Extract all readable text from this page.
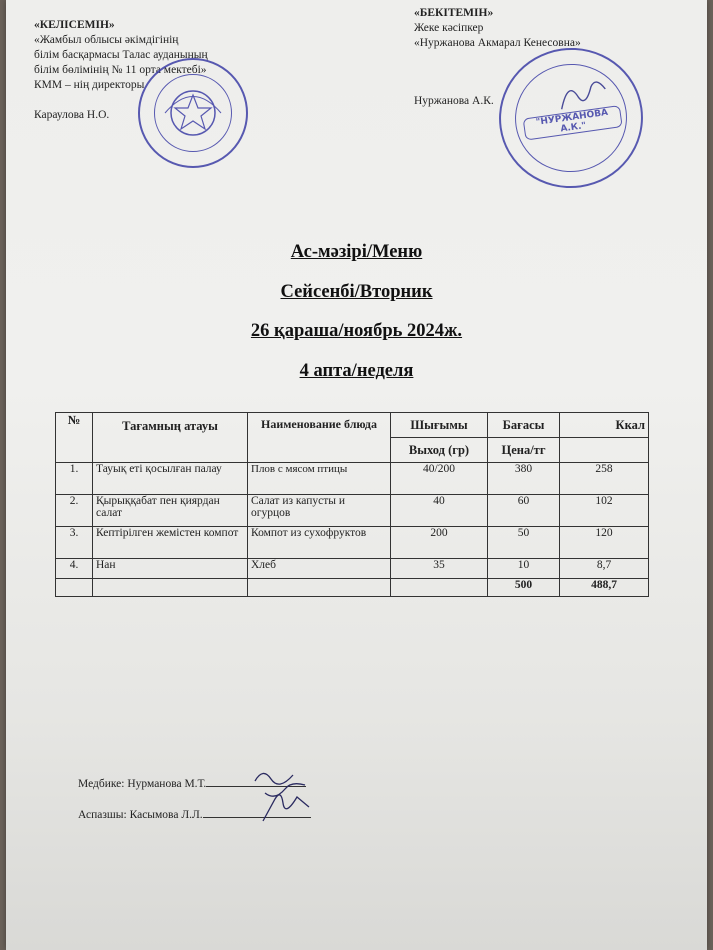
«КЕЛІСЕМІН»
«Жамбыл облысы әкімдігінің
білім басқармасы Талас ауданының
білім бөлімінің № 11 орта мектебі»
КММ – нің директоры
Караулова Н.О.
«БЕКІТЕМІН»
Жеке кәсіпкер
«Нуржанова Акмарал Кенесовна»
Нуржанова А.К.
"НУРЖАНОВА А.К."
Ас-мәзірі/Меню
Сейсенбі/Вторник
26 қараша/ноябрь 2024ж.
4 апта/неделя
№	Тағамның атауы	Наименование блюда	Шығымы	Бағасы	Ккал
			Выход (гр)	Цена/тг	
1.	Тауық еті қосылған палау	Плов с мясом птицы	40/200	380	258
2.	Қырыққабат пен қиярдан салат	Салат из капусты и огурцов	40	60	102
3.	Кептірілген жемістен компот	Компот из сухофруктов	200	50	120
4.	Нан	Хлеб	35	10	8,7
				500	488,7
Медбике: Нурманова М.Т.
Аспазшы: Касымова Л.Л.
